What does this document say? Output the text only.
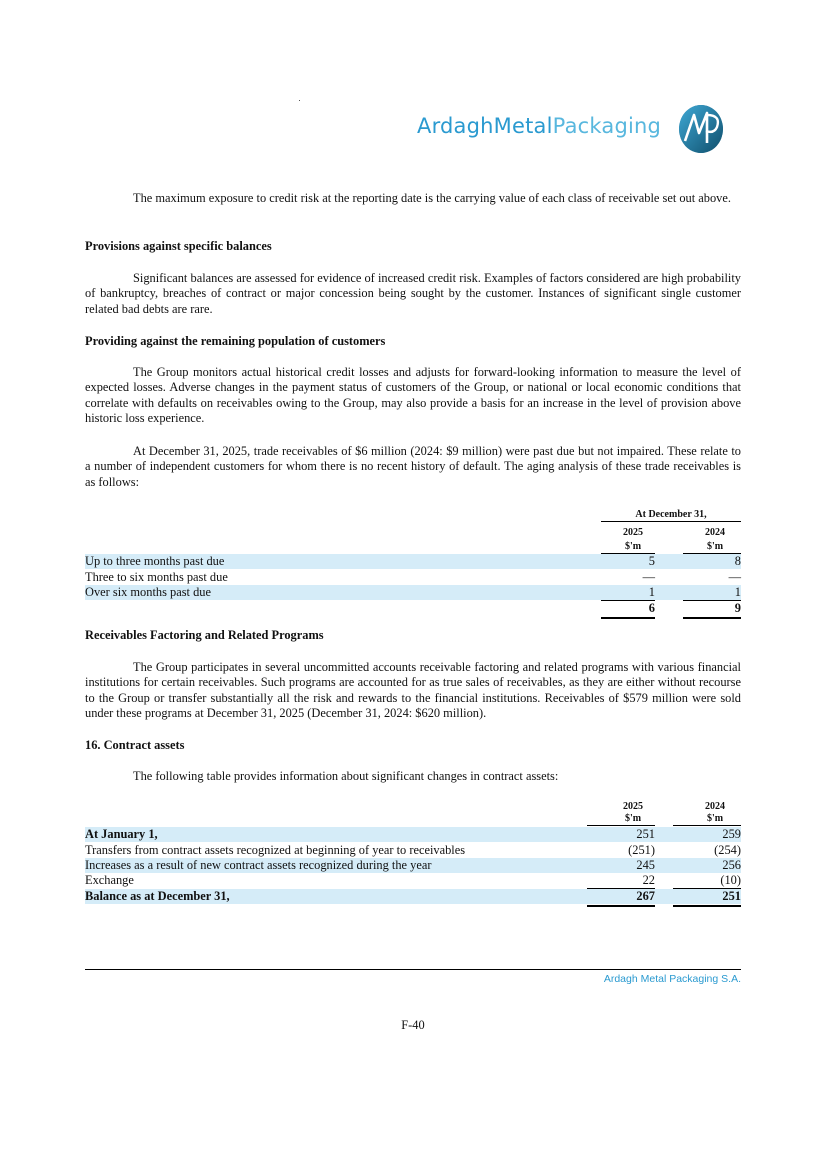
ArdaghMetalPackaging
The maximum exposure to credit risk at the reporting date is the carrying value of each class of receivable set out above.
Provisions against specific balances
Significant balances are assessed for evidence of increased credit risk. Examples of factors considered are high probability of bankruptcy, breaches of contract or major concession being sought by the customer. Instances of significant single customer related bad debts are rare.
Providing against the remaining population of customers
The Group monitors actual historical credit losses and adjusts for forward-looking information to measure the level of expected losses. Adverse changes in the payment status of customers of the Group, or national or local economic conditions that correlate with defaults on receivables owing to the Group, may also provide a basis for an increase in the level of provision above historic loss experience.
At December 31, 2025, trade receivables of $6 million (2024: $9 million) were past due but not impaired. These relate to a number of independent customers for whom there is no recent history of default. The aging analysis of these trade receivables is as follows:
At December 31,
2025	2024
$'m	$'m
Up to three months past due	5	8
Three to six months past due	—	—
Over six months past due	1	1
6	9
Receivables Factoring and Related Programs
The Group participates in several uncommitted accounts receivable factoring and related programs with various financial institutions for certain receivables. Such programs are accounted for as true sales of receivables, as they are either without recourse to the Group or transfer substantially all the risk and rewards to the financial institutions. Receivables of $579 million were sold under these programs at December 31, 2025 (December 31, 2024: $620 million).
16. Contract assets
The following table provides information about significant changes in contract assets:
2025	2024
$'m	$'m
At January 1,	251	259
Transfers from contract assets recognized at beginning of year to receivables	(251)	(254)
Increases as a result of new contract assets recognized during the year	245	256
Exchange	22	(10)
Balance as at December 31,	267	251
Ardagh Metal Packaging S.A.
F-40
